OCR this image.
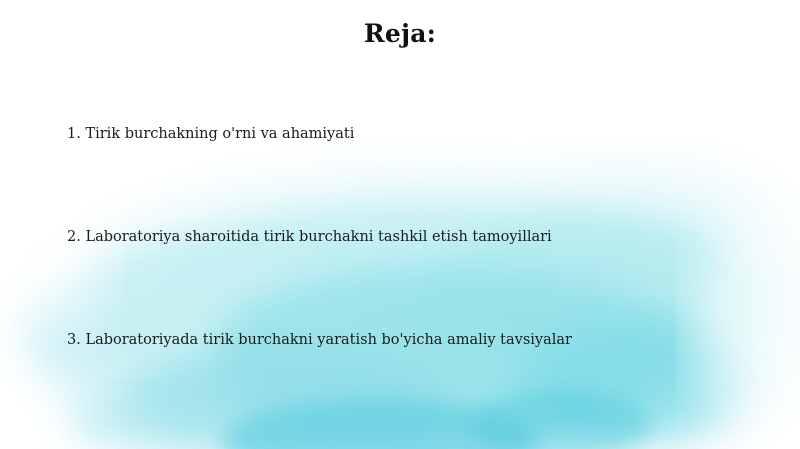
Reja:
1. Tirik burchakning o'rni va ahamiyati
2. Laboratoriya sharoitida tirik burchakni tashkil etish tamoyillari
3. Laboratoriyada tirik burchakni yaratish bo'yicha amaliy tavsiyalar
